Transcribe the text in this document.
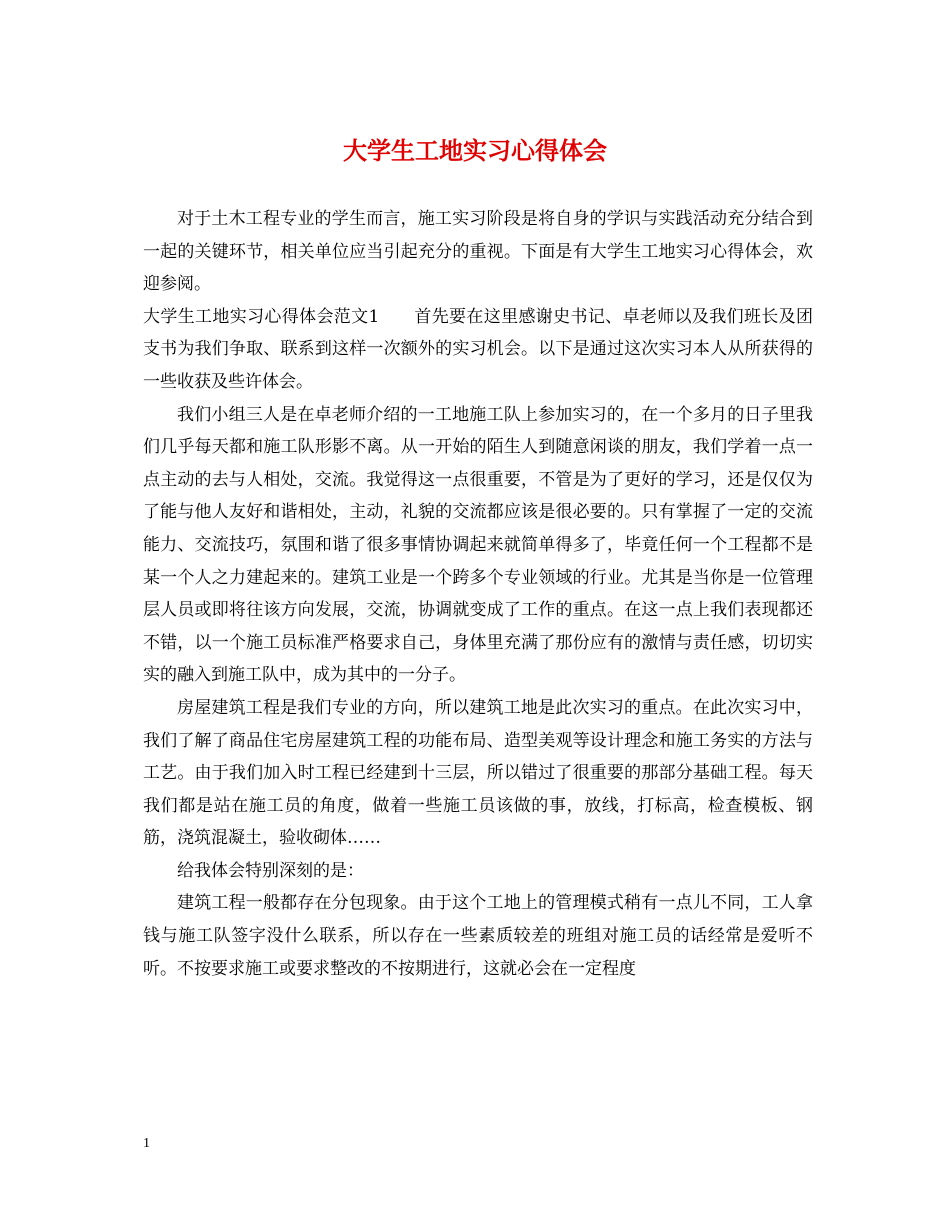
大学生工地实习心得体会

对于土木工程专业的学生而言，施工实习阶段是将自身的学识与实践活动充分结合到一起的关键环节，相关单位应当引起充分的重视。下面是有大学生工地实习心得体会，欢迎参阅。

大学生工地实习心得体会范文1　　首先要在这里感谢史书记、卓老师以及我们班长及团支书为我们争取、联系到这样一次额外的实习机会。以下是通过这次实习本人从所获得的一些收获及些许体会。

我们小组三人是在卓老师介绍的一工地施工队上参加实习的，在一个多月的日子里我们几乎每天都和施工队形影不离。从一开始的陌生人到随意闲谈的朋友，我们学着一点一点主动的去与人相处，交流。我觉得这一点很重要，不管是为了更好的学习，还是仅仅为了能与他人友好和谐相处，主动，礼貌的交流都应该是很必要的。只有掌握了一定的交流能力、交流技巧，氛围和谐了很多事情协调起来就简单得多了，毕竟任何一个工程都不是某一个人之力建起来的。建筑工业是一个跨多个专业领域的行业。尤其是当你是一位管理层人员或即将往该方向发展，交流，协调就变成了工作的重点。在这一点上我们表现都还不错，以一个施工员标准严格要求自己，身体里充满了那份应有的激情与责任感，切切实实的融入到施工队中，成为其中的一分子。

房屋建筑工程是我们专业的方向，所以建筑工地是此次实习的重点。在此次实习中，我们了解了商品住宅房屋建筑工程的功能布局、造型美观等设计理念和施工务实的方法与工艺。由于我们加入时工程已经建到十三层，所以错过了很重要的那部分基础工程。每天我们都是站在施工员的角度，做着一些施工员该做的事，放线，打标高，检查模板、钢筋，浇筑混凝土，验收砌体……

给我体会特别深刻的是：

建筑工程一般都存在分包现象。由于这个工地上的管理模式稍有一点儿不同，工人拿钱与施工队签字没什么联系，所以存在一些素质较差的班组对施工员的话经常是爱听不听。不按要求施工或要求整改的不按期进行，这就必会在一定程度

1
